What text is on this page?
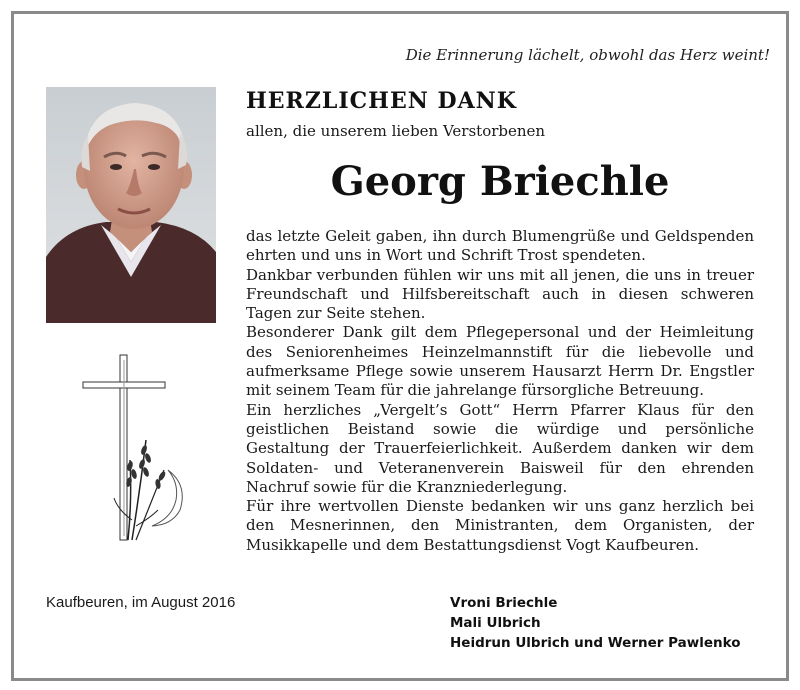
Die Erinnerung lächelt, obwohl das Herz weint!
HERZLICHEN DANK
allen, die unserem lieben Verstorbenen
Georg Briechle

das letzte Geleit gaben, ihn durch Blumengrüße und Geldspenden ehrten und uns in Wort und Schrift Trost spendeten.

Dankbar verbunden fühlen wir uns mit all jenen, die uns in treuer Freundschaft und Hilfsbereitschaft auch in diesen schweren Tagen zur Seite stehen.

Besonderer Dank gilt dem Pflegepersonal und der Heimleitung des Seniorenheimes Heinzelmannstift für die liebevolle und aufmerksame Pflege sowie unserem Hausarzt Herrn Dr. Engstler mit seinem Team für die jahrelange fürsorgliche Betreuung.

Ein herzliches „Vergelt’s Gott“ Herrn Pfarrer Klaus für den geistlichen Beistand sowie die würdige und persönliche Gestaltung der Trauerfeierlichkeit. Außerdem danken wir dem Soldaten- und Veteranenverein Baisweil für den ehrenden Nachruf sowie für die Kranzniederlegung.

Für ihre wertvollen Dienste bedanken wir uns ganz herzlich bei den Mesnerinnen, den Ministranten, dem Organisten, der Musikkapelle und dem Bestattungsdienst Vogt Kaufbeuren.

Kaufbeuren, im August 2016	Vroni Briechle
Mali Ulbrich
Heidrun Ulbrich und Werner Pawlenko
